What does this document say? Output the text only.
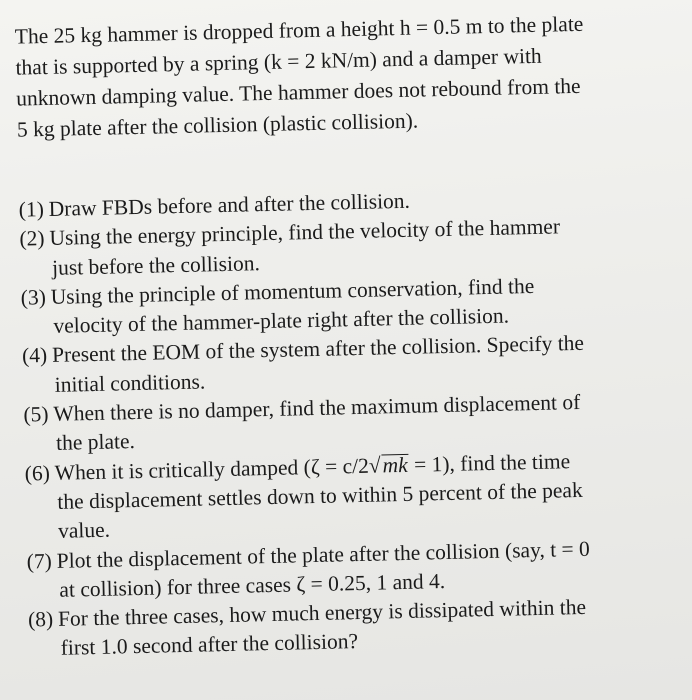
The 25 kg hammer is dropped from a height h = 0.5 m to the plate
that is supported by a spring (k = 2 kN/m) and a damper with
unknown damping value. The hammer does not rebound from the
5 kg plate after the collision (plastic collision).
(1) Draw FBDs before and after the collision.
(2) Using the energy principle, find the velocity of the hammer
just before the collision.
(3) Using the principle of momentum conservation, find the
velocity of the hammer-plate right after the collision.
(4) Present the EOM of the system after the collision. Specify the
initial conditions.
(5) When there is no damper, find the maximum displacement of
the plate.
(6) When it is critically damped (ζ = c/2√mk = 1), find the time
the displacement settles down to within 5 percent of the peak
value.
(7) Plot the displacement of the plate after the collision (say, t = 0
at collision) for three cases ζ = 0.25, 1 and 4.
(8) For the three cases, how much energy is dissipated within the
first 1.0 second after the collision?
